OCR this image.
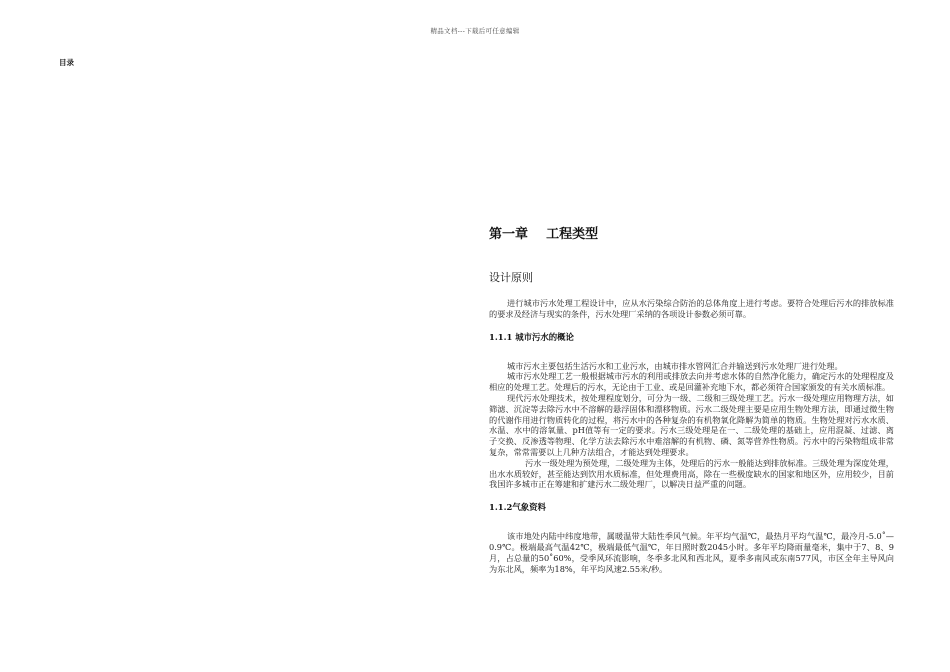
精品文档---下载后可任意编辑
目录
第一章    工程类型
设计原则

进行城市污水处理工程设计中，应从水污染综合防治的总体角度上进行考虑。要符合处理后污水的排放标准的要求及经济与现实的条件，污水处理厂采纳的各项设计参数必须可靠。

1.1.1 城市污水的概论

城市污水主要包括生活污水和工业污水，由城市排水管网汇合并输送到污水处理厂进行处理。

城市污水处理工艺一般根据城市污水的利用或排放去向并考虑水体的自然净化能力，确定污水的处理程度及相应的处理工艺。处理后的污水，无论由于工业、或是回灌补充地下水，都必须符合国家颁发的有关水质标准。

现代污水处理技术，按处理程度划分，可分为一级、二级和三级处理工艺。污水一级处理应用物理方法，如筛滤、沉淀等去除污水中不溶解的悬浮固体和漂移物质。污水二级处理主要是应用生物处理方法，即通过微生物的代谢作用进行物质转化的过程，将污水中的各种复杂的有机物氧化降解为简单的物质。生物处理对污水水质、水温、水中的溶氧量、pH值等有一定的要求。污水三级处理是在一、二级处理的基础上，应用混凝、过滤、离子交换、反渗透等物理、化学方法去除污水中难溶解的有机物、磷、氮等营养性物质。污水中的污染物组成非常复杂，常常需要以上几种方法组合，才能达到处理要求。

污水一级处理为预处理，二级处理为主体，处理后的污水一般能达到排放标准。三级处理为深度处理，出水水质较好，甚至能达到饮用水质标准，但处理费用高，除在一些极度缺水的国家和地区外，应用较少，目前我国许多城市正在筹建和扩建污水二级处理厂，以解决日益严重的问题。

1.1.2气象资料

该市地处内陆中纬度地带，属暖温带大陆性季风气候。年平均气温℃，最热月平均气温℃，最冷月-5.0˚—0.9℃。极端最高气温42℃，极端最低气温℃，年日照时数2045小时。多年平均降雨量毫米，集中于7、8、9月，占总量的50˚60%，受季风环流影响，冬季多北风和西北风，夏季多南风或东南577风，市区全年主导风向为东北风，频率为18%，年平均风速2.55米/秒。
